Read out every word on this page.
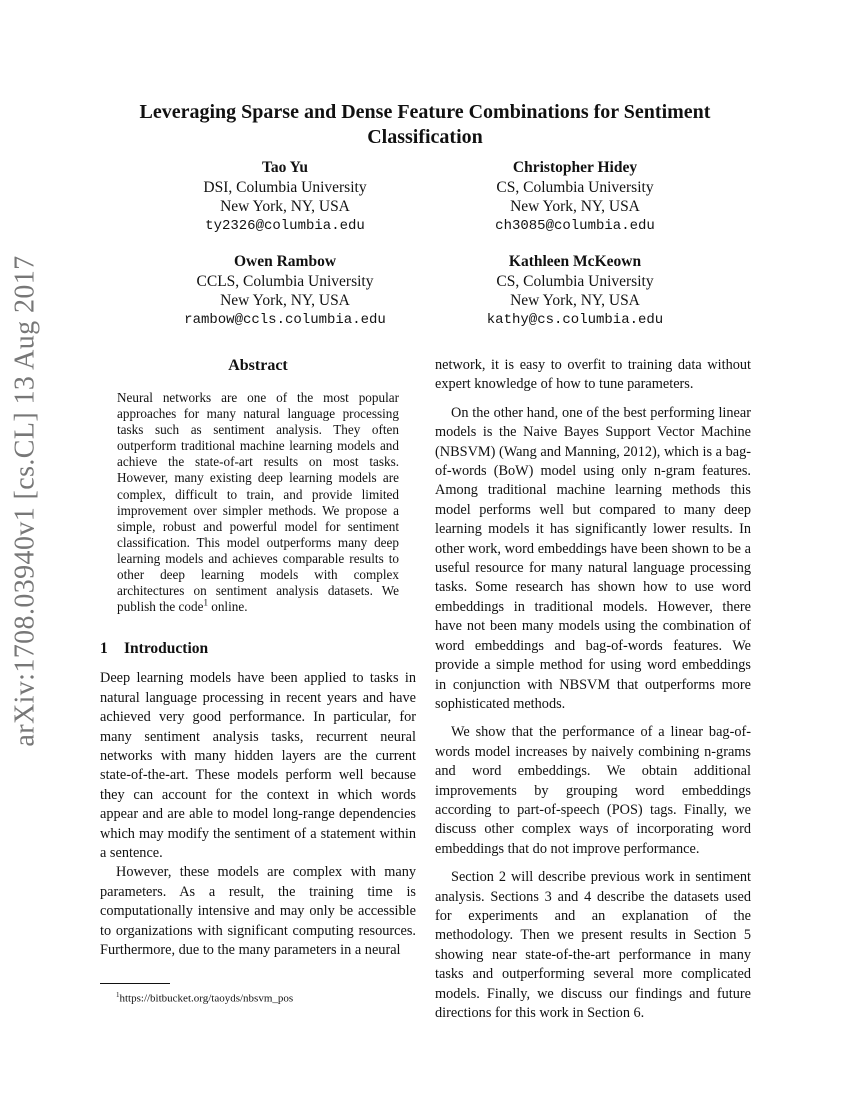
arXiv:1708.03940v1 [cs.CL] 13 Aug 2017
Leveraging Sparse and Dense Feature Combinations for Sentiment
Classification
Tao Yu
DSI, Columbia University
New York, NY, USA
ty2326@columbia.edu
Christopher Hidey
CS, Columbia University
New York, NY, USA
ch3085@columbia.edu
Owen Rambow
CCLS, Columbia University
New York, NY, USA
rambow@ccls.columbia.edu
Kathleen McKeown
CS, Columbia University
New York, NY, USA
kathy@cs.columbia.edu
Abstract
Neural networks are one of the most popular approaches for many natural language processing tasks such as sentiment analysis. They often outperform traditional machine learning models and achieve the state-of-art results on most tasks. However, many existing deep learning models are complex, difficult to train, and provide limited improvement over simpler methods. We propose a simple, robust and powerful model for sentiment classification. This model outperforms many deep learning models and achieves comparable results to other deep learning models with complex architectures on sentiment analysis datasets. We publish the code$^1$ online.
1 Introduction

Deep learning models have been applied to tasks in natural language processing in recent years and have achieved very good performance. In particular, for many sentiment analysis tasks, recurrent neural networks with many hidden layers are the current state-of-the-art. These models perform well because they can account for the context in which words appear and are able to model long-range dependencies which may modify the sentiment of a statement within a sentence.

However, these models are complex with many parameters. As a result, the training time is computationally intensive and may only be accessible to organizations with significant computing resources. Furthermore, due to the many parameters in a neural

network, it is easy to overfit to training data without expert knowledge of how to tune parameters.

On the other hand, one of the best performing linear models is the Naive Bayes Support Vector Machine (NBSVM) (Wang and Manning, 2012), which is a bag-of-words (BoW) model using only n-gram features. Among traditional machine learning methods this model performs well but compared to many deep learning models it has significantly lower results. In other work, word embeddings have been shown to be a useful resource for many natural language processing tasks. Some research has shown how to use word embeddings in traditional models. However, there have not been many models using the combination of word embeddings and bag-of-words features. We provide a simple method for using word embeddings in conjunction with NBSVM that outperforms more sophisticated methods.

We show that the performance of a linear bag-of-words model increases by naively combining n-grams and word embeddings. We obtain additional improvements by grouping word embeddings according to part-of-speech (POS) tags. Finally, we discuss other complex ways of incorporating word embeddings that do not improve performance.

Section 2 will describe previous work in sentiment analysis. Sections 3 and 4 describe the datasets used for experiments and an explanation of the methodology. Then we present results in Section 5 showing near state-of-the-art performance in many tasks and outperforming several more complicated models. Finally, we discuss our findings and future directions for this work in Section 6.

$^1$https://bitbucket.org/taoyds/nbsvm_pos
